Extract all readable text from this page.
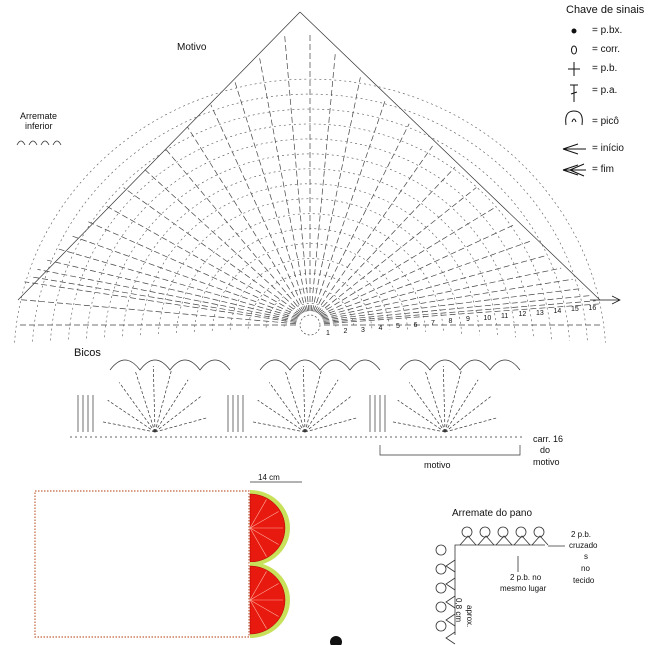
Chave de sinais
= p.bx.
= corr.
= p.b.
= p.a.
= picô
= início
= fim
Motivo
Arremate
inferior
1 2 3 4 5 6 7 8 9 10 11 12 13 14 15 16
Bicos
carr. 16
do
motivo
motivo
14 cm
Arremate do pano
2 p.b.
cruzado
s
no
tecido
2 p.b. no
mesmo lugar
aprox.
0,8 cm
